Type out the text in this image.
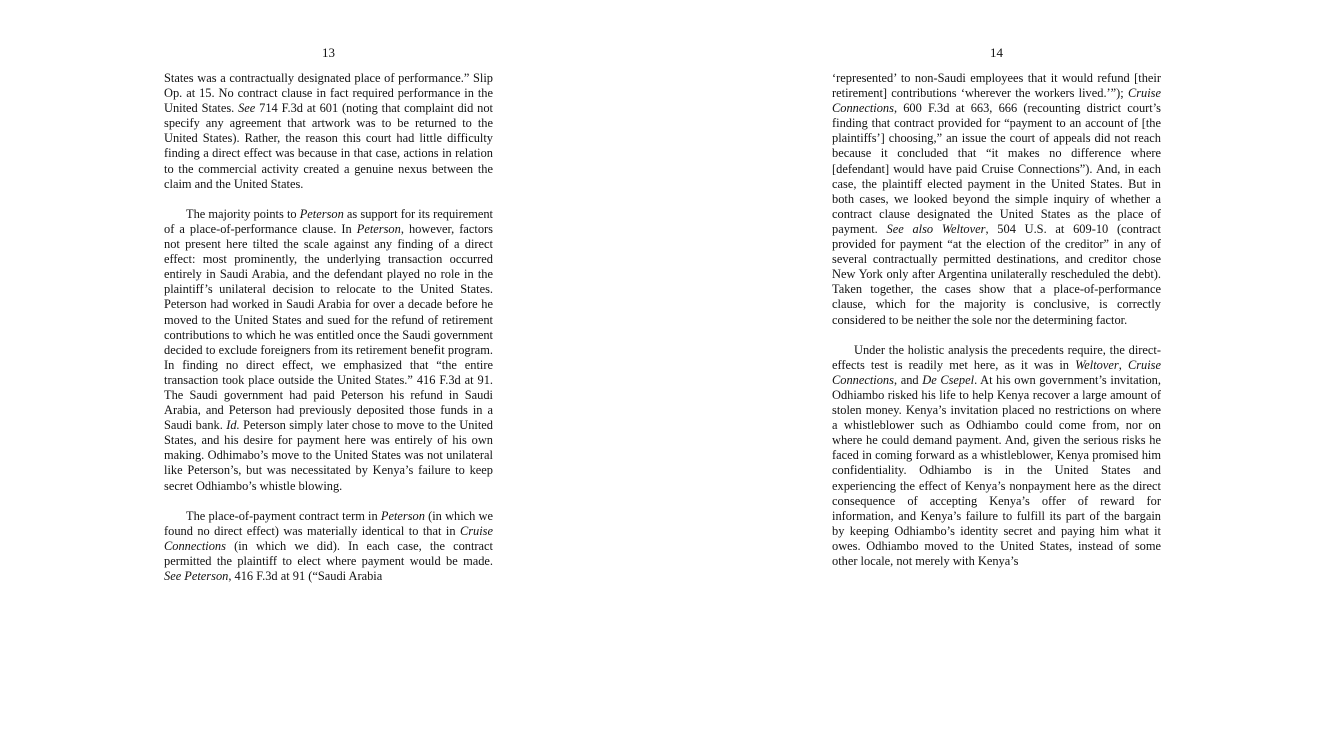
13

States was a contractually designated place of performance.” Slip Op. at 15. No contract clause in fact required performance in the United States. See 714 F.3d at 601 (noting that complaint did not specify any agreement that artwork was to be returned to the United States). Rather, the reason this court had little difficulty finding a direct effect was because in that case, actions in relation to the commercial activity created a genuine nexus between the claim and the United States.

The majority points to Peterson as support for its requirement of a place-of-performance clause. In Peterson, however, factors not present here tilted the scale against any finding of a direct effect: most prominently, the underlying transaction occurred entirely in Saudi Arabia, and the defendant played no role in the plaintiff’s unilateral decision to relocate to the United States. Peterson had worked in Saudi Arabia for over a decade before he moved to the United States and sued for the refund of retirement contributions to which he was entitled once the Saudi government decided to exclude foreigners from its retirement benefit program. In finding no direct effect, we emphasized that “the entire transaction took place outside the United States.” 416 F.3d at 91. The Saudi government had paid Peterson his refund in Saudi Arabia, and Peterson had previously deposited those funds in a Saudi bank. Id. Peterson simply later chose to move to the United States, and his desire for payment here was entirely of his own making. Odhimabo’s move to the United States was not unilateral like Peterson’s, but was necessitated by Kenya’s failure to keep secret Odhiambo’s whistle blowing.

The place-of-payment contract term in Peterson (in which we found no direct effect) was materially identical to that in Cruise Connections (in which we did). In each case, the contract permitted the plaintiff to elect where payment would be made. See Peterson, 416 F.3d at 91 (“Saudi Arabia

14

‘represented’ to non-Saudi employees that it would refund [their retirement] contributions ‘wherever the workers lived.’”); Cruise Connections, 600 F.3d at 663, 666 (recounting district court’s finding that contract provided for “payment to an account of [the plaintiffs’] choosing,” an issue the court of appeals did not reach because it concluded that “it makes no difference where [defendant] would have paid Cruise Connections”). And, in each case, the plaintiff elected payment in the United States. But in both cases, we looked beyond the simple inquiry of whether a contract clause designated the United States as the place of payment. See also Weltover, 504 U.S. at 609-10 (contract provided for payment “at the election of the creditor” in any of several contractually permitted destinations, and creditor chose New York only after Argentina unilaterally rescheduled the debt). Taken together, the cases show that a place-of-performance clause, which for the majority is conclusive, is correctly considered to be neither the sole nor the determining factor.

Under the holistic analysis the precedents require, the direct-effects test is readily met here, as it was in Weltover, Cruise Connections, and De Csepel. At his own government’s invitation, Odhiambo risked his life to help Kenya recover a large amount of stolen money. Kenya’s invitation placed no restrictions on where a whistleblower such as Odhiambo could come from, nor on where he could demand payment. And, given the serious risks he faced in coming forward as a whistleblower, Kenya promised him confidentiality. Odhiambo is in the United States and experiencing the effect of Kenya’s nonpayment here as the direct consequence of accepting Kenya’s offer of reward for information, and Kenya’s failure to fulfill its part of the bargain by keeping Odhiambo’s identity secret and paying him what it owes. Odhiambo moved to the United States, instead of some other locale, not merely with Kenya’s
